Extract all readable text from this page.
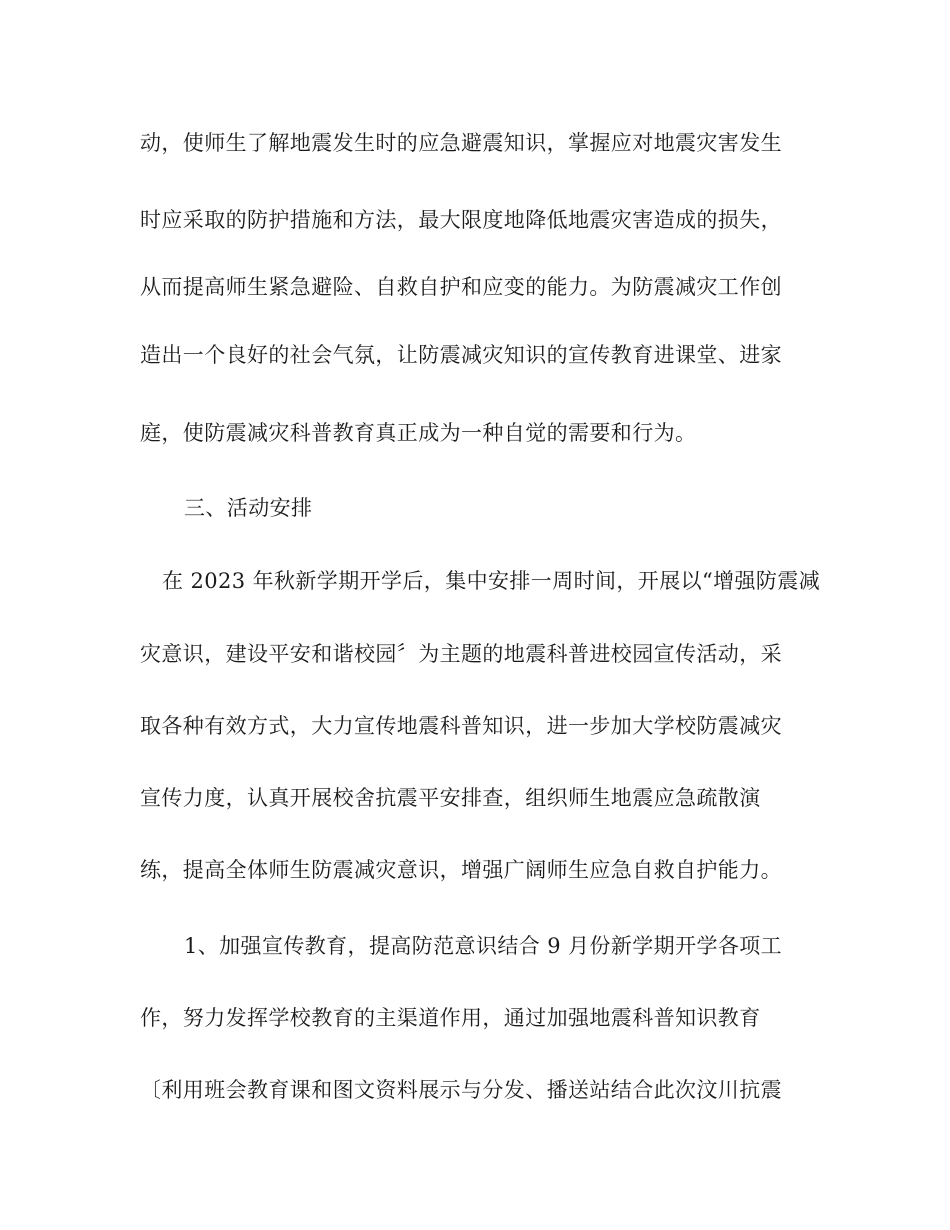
动，使师生了解地震发生时的应急避震知识，掌握应对地震灾害发生

时应采取的防护措施和方法，最大限度地降低地震灾害造成的损失，

从而提高师生紧急避险、自救自护和应变的能力。为防震减灾工作创

造出一个良好的社会气氛，让防震减灾知识的宣传教育进课堂、进家

庭，使防震减灾科普教育真正成为一种自觉的需要和行为。

三、活动安排

在 2023 年秋新学期开学后，集中安排一周时间，开展以“增强防震减

灾意识，建设平安和谐校园〞为主题的地震科普进校园宣传活动，采

取各种有效方式，大力宣传地震科普知识，进一步加大学校防震减灾

宣传力度，认真开展校舍抗震平安排查，组织师生地震应急疏散演

练，提高全体师生防震减灾意识，增强广阔师生应急自救自护能力。

1、加强宣传教育，提高防范意识结合 9 月份新学期开学各项工

作，努力发挥学校教育的主渠道作用，通过加强地震科普知识教育

〔利用班会教育课和图文资料展示与分发、播送站结合此次汶川抗震
